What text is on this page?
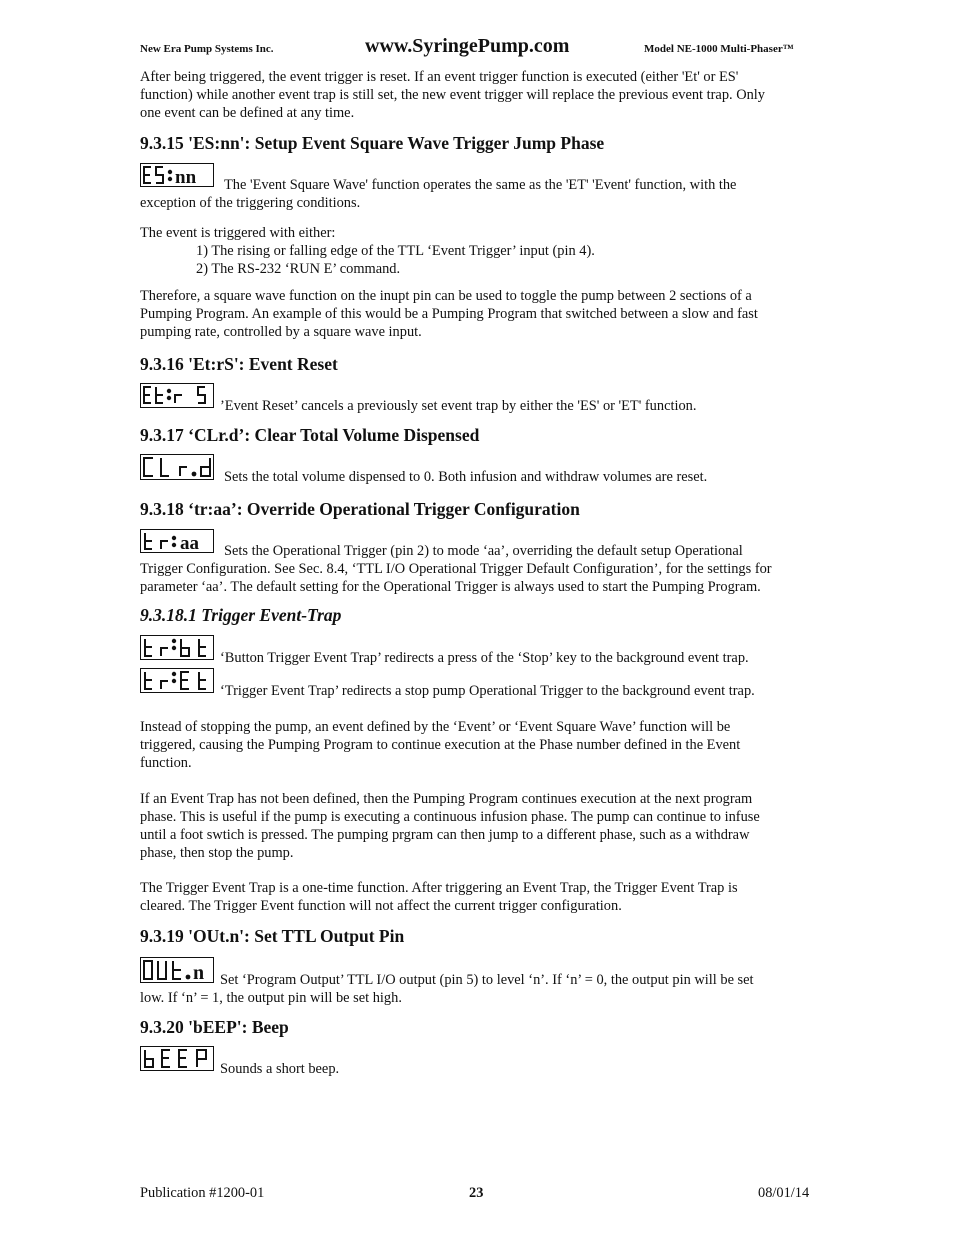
New Era Pump Systems Inc.	www.SyringePump.com	Model NE-1000 Multi-Phaser™
After being triggered, the event trigger is reset. If an event trigger function is executed (either 'Et' or ES'
function) while another event trap is still set, the new event trigger will replace the previous event trap. Only
one event can be defined at any time.
9.3.15 'ES:nn': Setup Event Square Wave Trigger Jump Phase
nn	The 'Event Square Wave' function operates the same as the 'ET' 'Event' function, with the
exception of the triggering conditions.
The event is triggered with either:
1) The rising or falling edge of the TTL ‘Event Trigger’ input (pin 4).
2) The RS-232 ‘RUN E’ command.
Therefore, a square wave function on the inupt pin can be used to toggle the pump between 2 sections of a
Pumping Program. An example of this would be a Pumping Program that switched between a slow and fast
pumping rate, controlled by a square wave input.
9.3.16 'Et:rS': Event Reset
’Event Reset’ cancels a previously set event trap by either the 'ES' or 'ET' function.
9.3.17 ‘CLr.d’: Clear Total Volume Dispensed
Sets the total volume dispensed to 0. Both infusion and withdraw volumes are reset.
9.3.18 ‘tr:aa’: Override Operational Trigger Configuration
aa	Sets the Operational Trigger (pin 2) to mode ‘aa’, overriding the default setup Operational
Trigger Configuration. See Sec. 8.4, ‘TTL I/O Operational Trigger Default Configuration’, for the settings for
parameter ‘aa’. The default setting for the Operational Trigger is always used to start the Pumping Program.
9.3.18.1 Trigger Event-Trap
‘Button Trigger Event Trap’ redirects a press of the ‘Stop’ key to the background event trap.
‘Trigger Event Trap’ redirects a stop pump Operational Trigger to the background event trap.
Instead of stopping the pump, an event defined by the ‘Event’ or ‘Event Square Wave’ function will be
triggered, causing the Pumping Program to continue execution at the Phase number defined in the Event
function.
If an Event Trap has not been defined, then the Pumping Program continues execution at the next program
phase. This is useful if the pump is executing a continuous infusion phase. The pump can continue to infuse
until a foot swtich is pressed. The pumping prgram can then jump to a different phase, such as a withdraw
phase, then stop the pump.
The Trigger Event Trap is a one-time function. After triggering an Event Trap, the Trigger Event Trap is
cleared. The Trigger Event function will not affect the current trigger configuration.
9.3.19 'OUt.n': Set TTL Output Pin
n	Set ‘Program Output’ TTL I/O output (pin 5) to level ‘n’. If ‘n’ = 0, the output pin will be set
low. If ‘n’ = 1, the output pin will be set high.
9.3.20 'bEEP': Beep
Sounds a short beep.
Publication #1200-01	23	08/01/14
